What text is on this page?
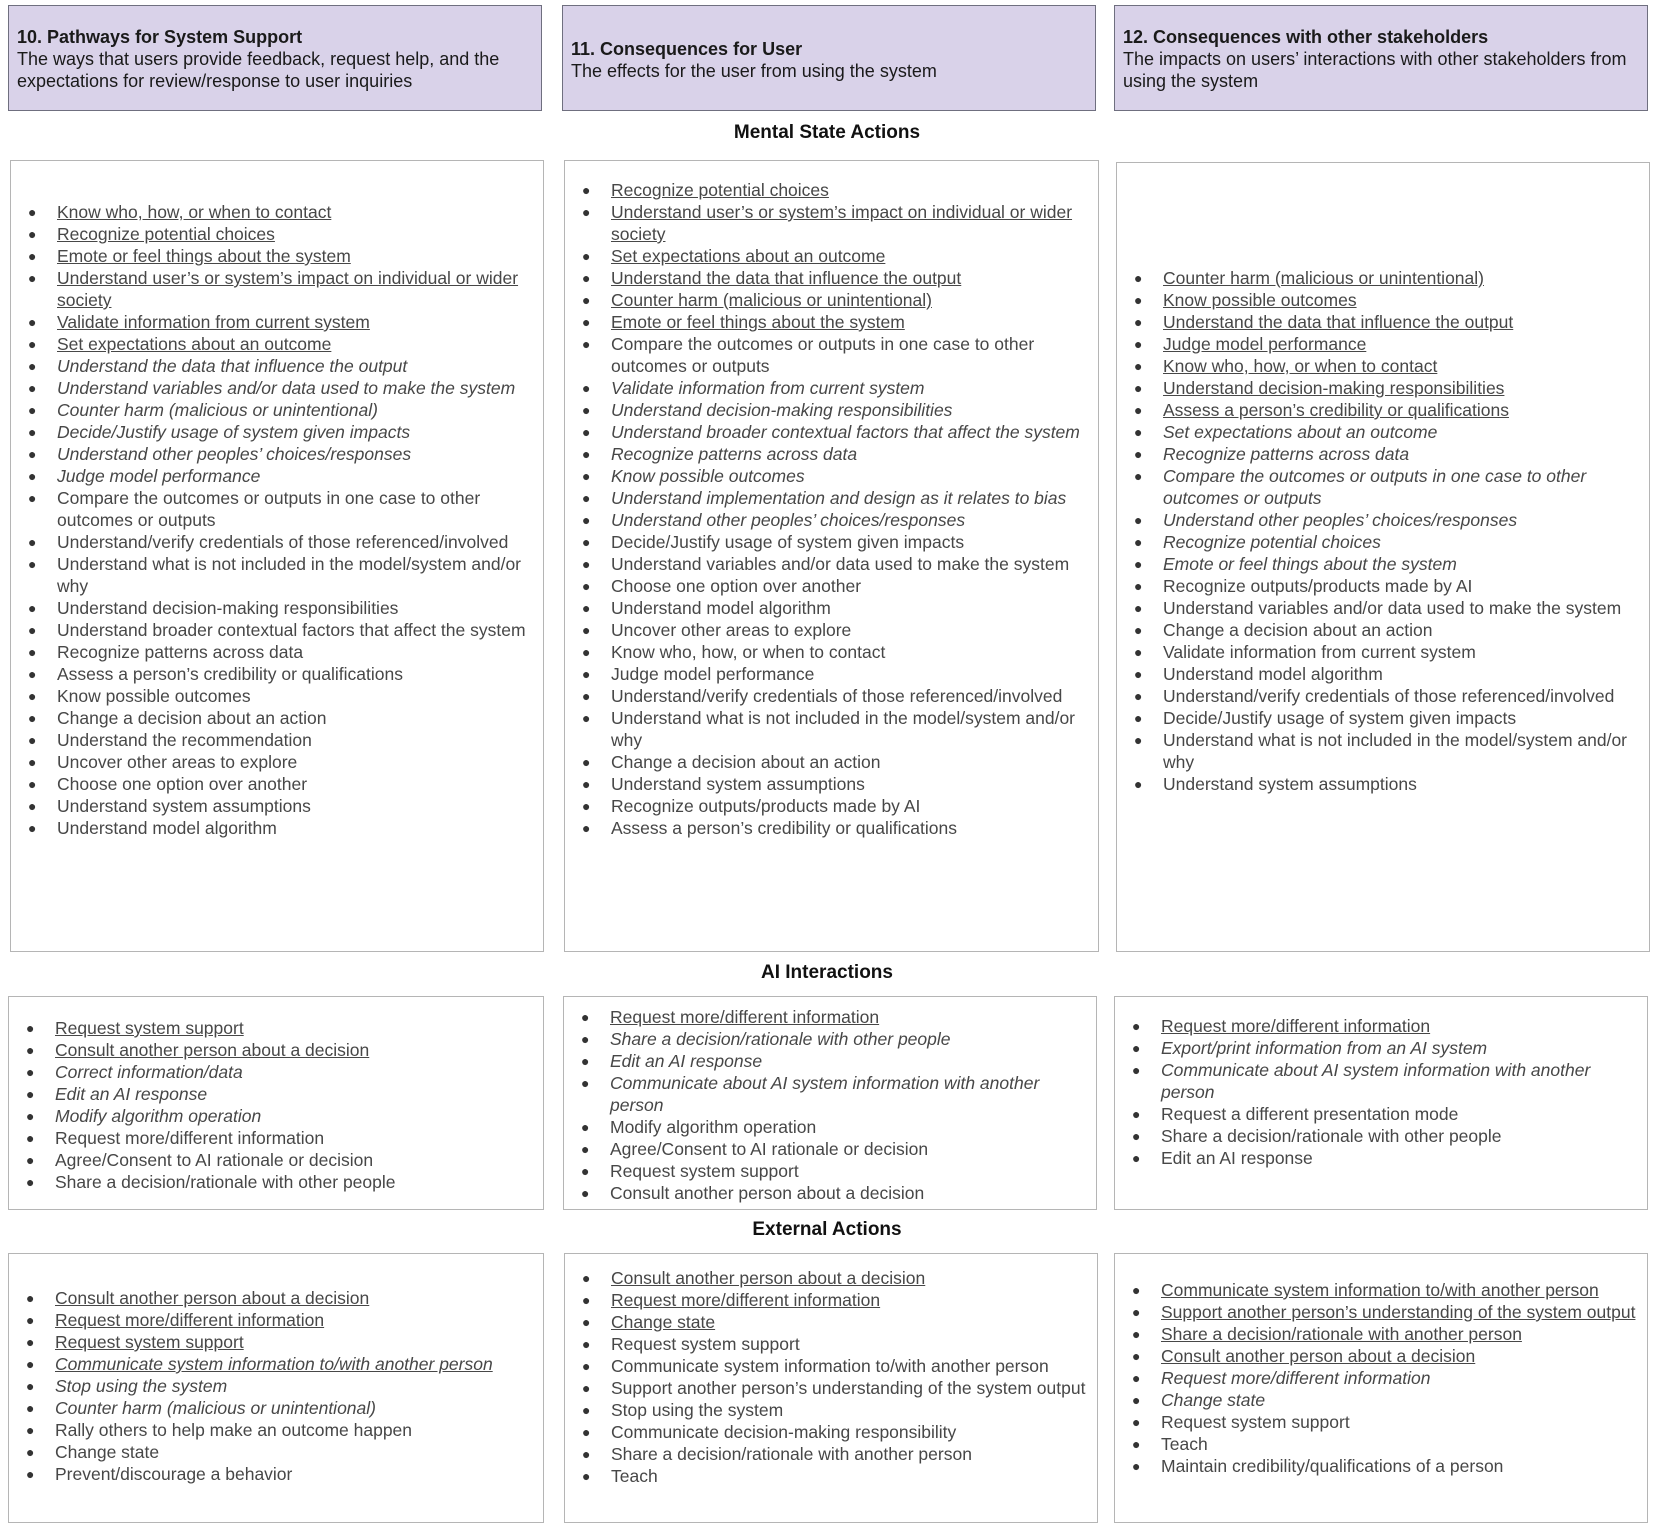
10. Pathways for System Support
The ways that users provide feedback, request help, and the expectations for review/response to user inquiries
11. Consequences for User
The effects for the user from using the system
12. Consequences with other stakeholders
The impacts on users’ interactions with other stakeholders from using the system
Mental State Actions
AI Interactions
External Actions
● Know who, how, or when to contact
● Recognize potential choices
● Emote or feel things about the system
● Understand user’s or system’s impact on individual or wider society
● Validate information from current system
● Set expectations about an outcome
● Understand the data that influence the output
● Understand variables and/or data used to make the system
● Counter harm (malicious or unintentional)
● Decide/Justify usage of system given impacts
● Understand other peoples’ choices/responses
● Judge model performance
● Compare the outcomes or outputs in one case to other outcomes or outputs
● Understand/verify credentials of those referenced/involved
● Understand what is not included in the model/system and/or why
● Understand decision-making responsibilities
● Understand broader contextual factors that affect the system
● Recognize patterns across data
● Assess a person’s credibility or qualifications
● Know possible outcomes
● Change a decision about an action
● Understand the recommendation
● Uncover other areas to explore
● Choose one option over another
● Understand system assumptions
● Understand model algorithm
● Recognize potential choices
● Understand user’s or system’s impact on individual or wider society
● Set expectations about an outcome
● Understand the data that influence the output
● Counter harm (malicious or unintentional)
● Emote or feel things about the system
● Compare the outcomes or outputs in one case to other outcomes or outputs
● Validate information from current system
● Understand decision-making responsibilities
● Understand broader contextual factors that affect the system
● Recognize patterns across data
● Know possible outcomes
● Understand implementation and design as it relates to bias
● Understand other peoples’ choices/responses
● Decide/Justify usage of system given impacts
● Understand variables and/or data used to make the system
● Choose one option over another
● Understand model algorithm
● Uncover other areas to explore
● Know who, how, or when to contact
● Judge model performance
● Understand/verify credentials of those referenced/involved
● Understand what is not included in the model/system and/or why
● Change a decision about an action
● Understand system assumptions
● Recognize outputs/products made by AI
● Assess a person’s credibility or qualifications
● Counter harm (malicious or unintentional)
● Know possible outcomes
● Understand the data that influence the output
● Judge model performance
● Know who, how, or when to contact
● Understand decision-making responsibilities
● Assess a person’s credibility or qualifications
● Set expectations about an outcome
● Recognize patterns across data
● Compare the outcomes or outputs in one case to other outcomes or outputs
● Understand other peoples’ choices/responses
● Recognize potential choices
● Emote or feel things about the system
● Recognize outputs/products made by AI
● Understand variables and/or data used to make the system
● Change a decision about an action
● Validate information from current system
● Understand model algorithm
● Understand/verify credentials of those referenced/involved
● Decide/Justify usage of system given impacts
● Understand what is not included in the model/system and/or why
● Understand system assumptions
● Request system support
● Consult another person about a decision
● Correct information/data
● Edit an AI response
● Modify algorithm operation
● Request more/different information
● Agree/Consent to AI rationale or decision
● Share a decision/rationale with other people
● Request more/different information
● Share a decision/rationale with other people
● Edit an AI response
● Communicate about AI system information with another person
● Modify algorithm operation
● Agree/Consent to AI rationale or decision
● Request system support
● Consult another person about a decision
● Request more/different information
● Export/print information from an AI system
● Communicate about AI system information with another person
● Request a different presentation mode
● Share a decision/rationale with other people
● Edit an AI response
● Consult another person about a decision
● Request more/different information
● Request system support
● Communicate system information to/with another person
● Stop using the system
● Counter harm (malicious or unintentional)
● Rally others to help make an outcome happen
● Change state
● Prevent/discourage a behavior
● Consult another person about a decision
● Request more/different information
● Change state
● Request system support
● Communicate system information to/with another person
● Support another person’s understanding of the system output
● Stop using the system
● Communicate decision-making responsibility
● Share a decision/rationale with another person
● Teach
● Communicate system information to/with another person
● Support another person’s understanding of the system output
● Share a decision/rationale with another person
● Consult another person about a decision
● Request more/different information
● Change state
● Request system support
● Teach
● Maintain credibility/qualifications of a person
